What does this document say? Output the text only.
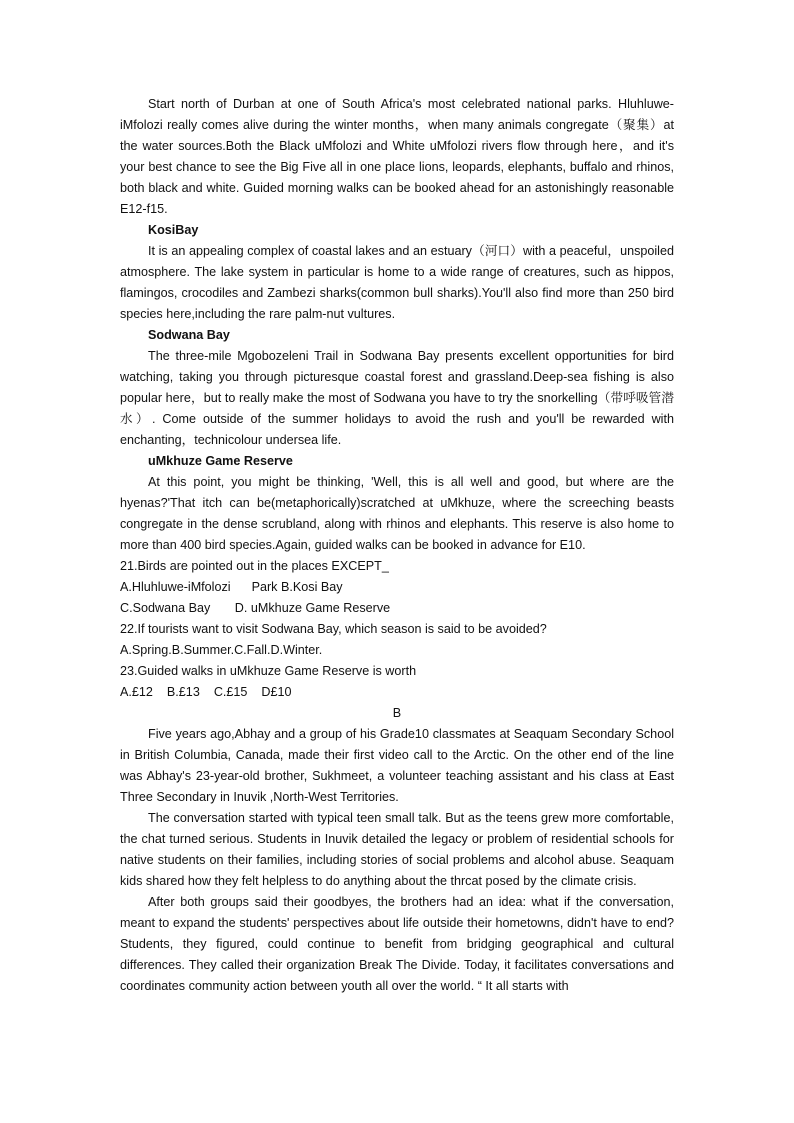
Start north of Durban at one of South Africa's most celebrated national parks. Hluhluwe-iMfolozi really comes alive during the winter months，when many animals congregate（聚集）at the water sources.Both the Black uMfolozi and White uMfolozi rivers flow through here，and it's your best chance to see the Big Five all in one place lions, leopards, elephants, buffalo and rhinos, both black and white. Guided morning walks can be booked ahead for an astonishingly reasonable E12-f15.

KosiBay

It is an appealing complex of coastal lakes and an estuary（河口）with a peaceful，unspoiled atmosphere. The lake system in particular is home to a wide range of creatures, such as hippos, flamingos, crocodiles and Zambezi sharks(common bull sharks).You'll also find more than 250 bird species here,including the rare palm-nut vultures.

Sodwana Bay

The three-mile Mgobozeleni Trail in Sodwana Bay presents excellent opportunities for bird watching, taking you through picturesque coastal forest and grassland.Deep-sea fishing is also popular here，but to really make the most of Sodwana you have to try the snorkelling（带呼吸管潜水）. Come outside of the summer holidays to avoid the rush and you'll be rewarded with enchanting，technicolour undersea life.

uMkhuze Game Reserve

At this point, you might be thinking, 'Well, this is all well and good, but where are the hyenas?'That itch can be(metaphorically)scratched at uMkhuze, where the screeching beasts congregate in the dense scrubland, along with rhinos and elephants. This reserve is also home to more than 400 bird species.Again, guided walks can be booked in advance for E10.

21.Birds are pointed out in the places EXCEPT_

A.Hluhluwe-iMfolozi      Park B.Kosi Bay

C.Sodwana Bay       D. uMkhuze Game Reserve

22.If tourists want to visit Sodwana Bay, which season is said to be avoided?

A.Spring.B.Summer.C.Fall.D.Winter.

23.Guided walks in uMkhuze Game Reserve is worth

A.£12    B.£13    C.£15    D£10

B

Five years ago,Abhay and a group of his Grade10 classmates at Seaquam Secondary School in British Columbia, Canada, made their first video call to the Arctic. On the other end of the line was Abhay's 23-year-old brother, Sukhmeet, a volunteer teaching assistant and his class at East Three Secondary in Inuvik ,North-West Territories.

The conversation started with typical teen small talk. But as the teens grew more comfortable, the chat turned serious. Students in Inuvik detailed the legacy or problem of residential schools for native students on their families, including stories of social problems and alcohol abuse. Seaquam kids shared how they felt helpless to do anything about the thrcat posed by the climate crisis.

After both groups said their goodbyes, the brothers had an idea: what if the conversation, meant to expand the students' perspectives about life outside their hometowns, didn't have to end? Students, they figured, could continue to benefit from bridging geographical and cultural differences. They called their organization Break The Divide. Today, it facilitates conversations and coordinates community action between youth all over the world. “ It all starts with
